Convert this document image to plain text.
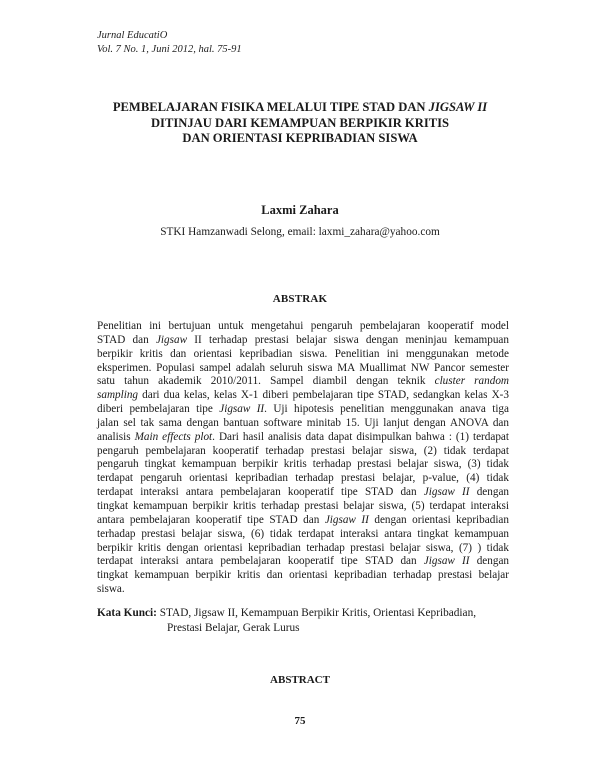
Jurnal EducatiO
Vol. 7 No. 1, Juni 2012, hal. 75-91
PEMBELAJARAN FISIKA MELALUI TIPE STAD DAN JIGSAW II
DITINJAU DARI KEMAMPUAN BERPIKIR KRITIS
DAN ORIENTASI KEPRIBADIAN SISWA
Laxmi Zahara
STKI Hamzanwadi Selong, email: laxmi_zahara@yahoo.com
ABSTRAK
Penelitian ini bertujuan untuk mengetahui pengaruh pembelajaran kooperatif model
STAD dan Jigsaw II terhadap prestasi belajar siswa dengan meninjau kemampuan
berpikir kritis dan orientasi kepribadian siswa. Penelitian ini menggunakan metode
eksperimen. Populasi sampel adalah seluruh siswa MA Muallimat NW Pancor semester
satu tahun akademik 2010/2011. Sampel diambil dengan teknik cluster random
sampling dari dua kelas, kelas X-1 diberi pembelajaran tipe STAD, sedangkan kelas X-3
diberi pembelajaran tipe Jigsaw II. Uji hipotesis penelitian menggunakan anava tiga
jalan sel tak sama dengan bantuan software minitab 15. Uji lanjut dengan ANOVA dan
analisis Main effects plot. Dari hasil analisis data dapat disimpulkan bahwa : (1) terdapat
pengaruh pembelajaran kooperatif terhadap prestasi belajar siswa, (2) tidak terdapat
pengaruh tingkat kemampuan berpikir kritis terhadap prestasi belajar siswa, (3) tidak
terdapat pengaruh orientasi kepribadian terhadap prestasi belajar, p-value, (4) tidak
terdapat interaksi antara pembelajaran kooperatif tipe STAD dan Jigsaw II dengan
tingkat kemampuan berpikir kritis terhadap prestasi belajar siswa, (5) terdapat interaksi
antara pembelajaran kooperatif tipe STAD dan Jigsaw II dengan orientasi kepribadian
terhadap prestasi belajar siswa, (6) tidak terdapat interaksi antara tingkat kemampuan
berpikir kritis dengan orientasi kepribadian terhadap prestasi belajar siswa, (7) ) tidak
terdapat interaksi antara pembelajaran kooperatif tipe STAD dan Jigsaw II dengan
tingkat kemampuan berpikir kritis dan orientasi kepribadian terhadap prestasi belajar
siswa.
Kata Kunci: STAD, Jigsaw II, Kemampuan Berpikir Kritis, Orientasi Kepribadian,
Prestasi Belajar, Gerak Lurus
ABSTRACT
75
